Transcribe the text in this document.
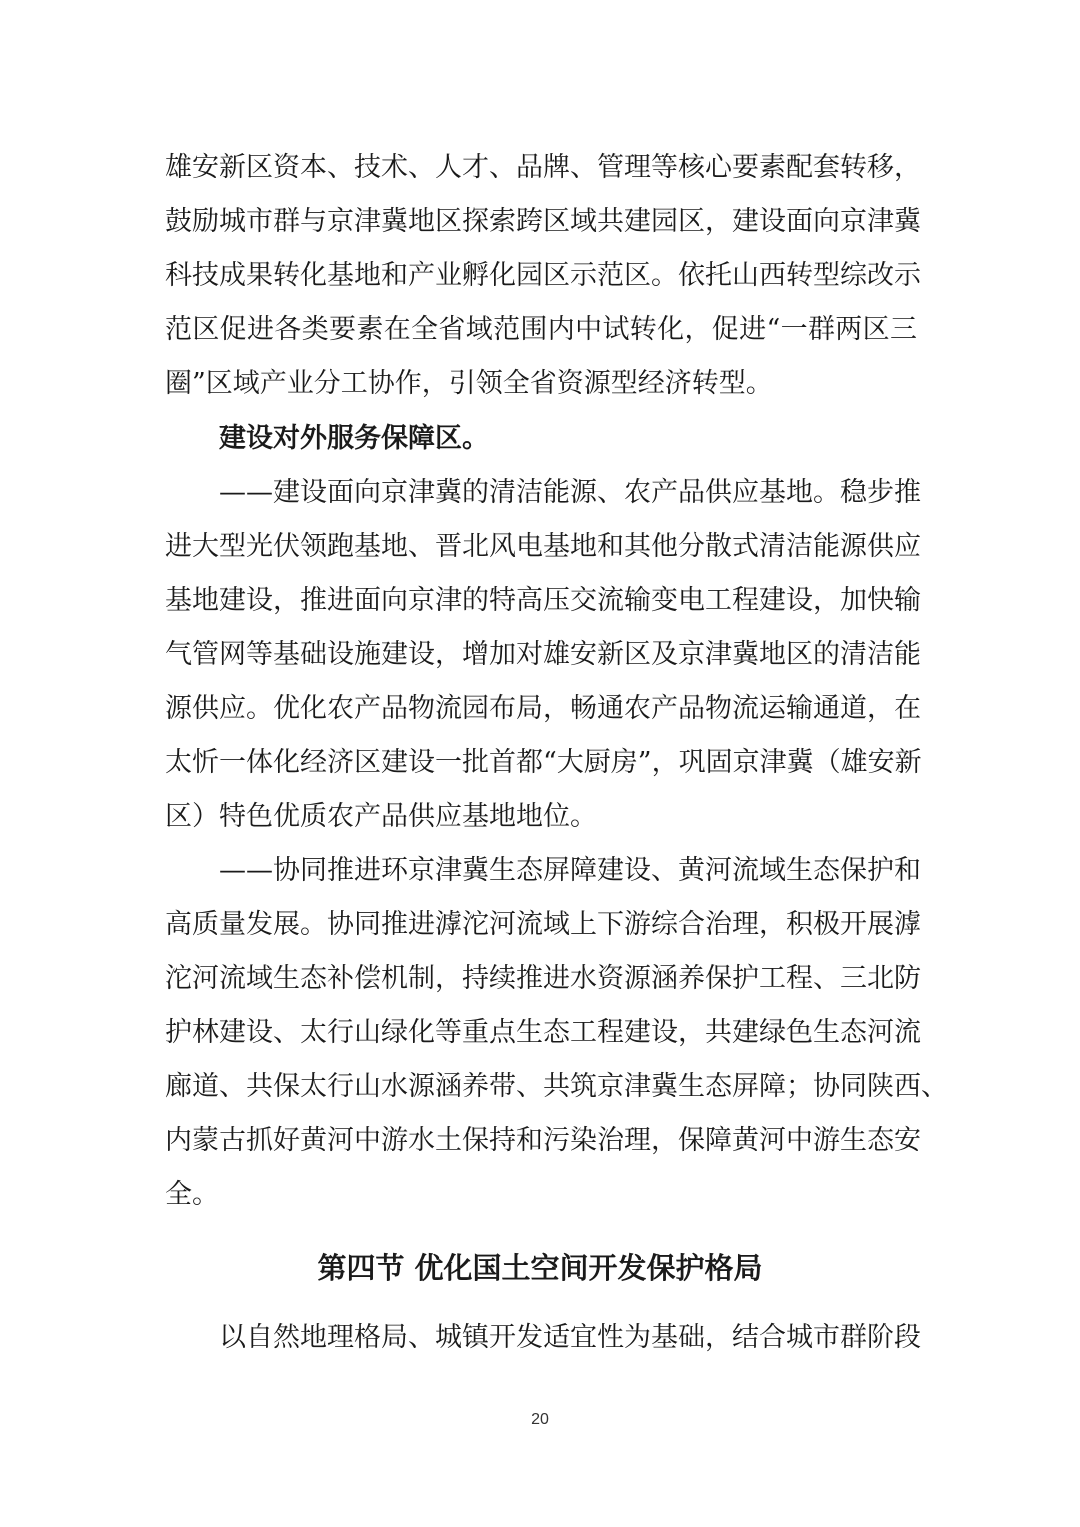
雄安新区资本、技术、人才、品牌、管理等核心要素配套转移，
鼓励城市群与京津冀地区探索跨区域共建园区，建设面向京津冀
科技成果转化基地和产业孵化园区示范区。依托山西转型综改示
范区促进各类要素在全省域范围内中试转化，促进“一群两区三
圈”区域产业分工协作，引领全省资源型经济转型。
建设对外服务保障区。
——建设面向京津冀的清洁能源、农产品供应基地。稳步推
进大型光伏领跑基地、晋北风电基地和其他分散式清洁能源供应
基地建设，推进面向京津的特高压交流输变电工程建设，加快输
气管网等基础设施建设，增加对雄安新区及京津冀地区的清洁能
源供应。优化农产品物流园布局，畅通农产品物流运输通道，在
太忻一体化经济区建设一批首都“大厨房”，巩固京津冀（雄安新
区）特色优质农产品供应基地地位。
——协同推进环京津冀生态屏障建设、黄河流域生态保护和
高质量发展。协同推进滹沱河流域上下游综合治理，积极开展滹
沱河流域生态补偿机制，持续推进水资源涵养保护工程、三北防
护林建设、太行山绿化等重点生态工程建设，共建绿色生态河流
廊道、共保太行山水源涵养带、共筑京津冀生态屏障；协同陕西、
内蒙古抓好黄河中游水土保持和污染治理，保障黄河中游生态安
全。
第四节 优化国土空间开发保护格局
以自然地理格局、城镇开发适宜性为基础，结合城市群阶段
20
